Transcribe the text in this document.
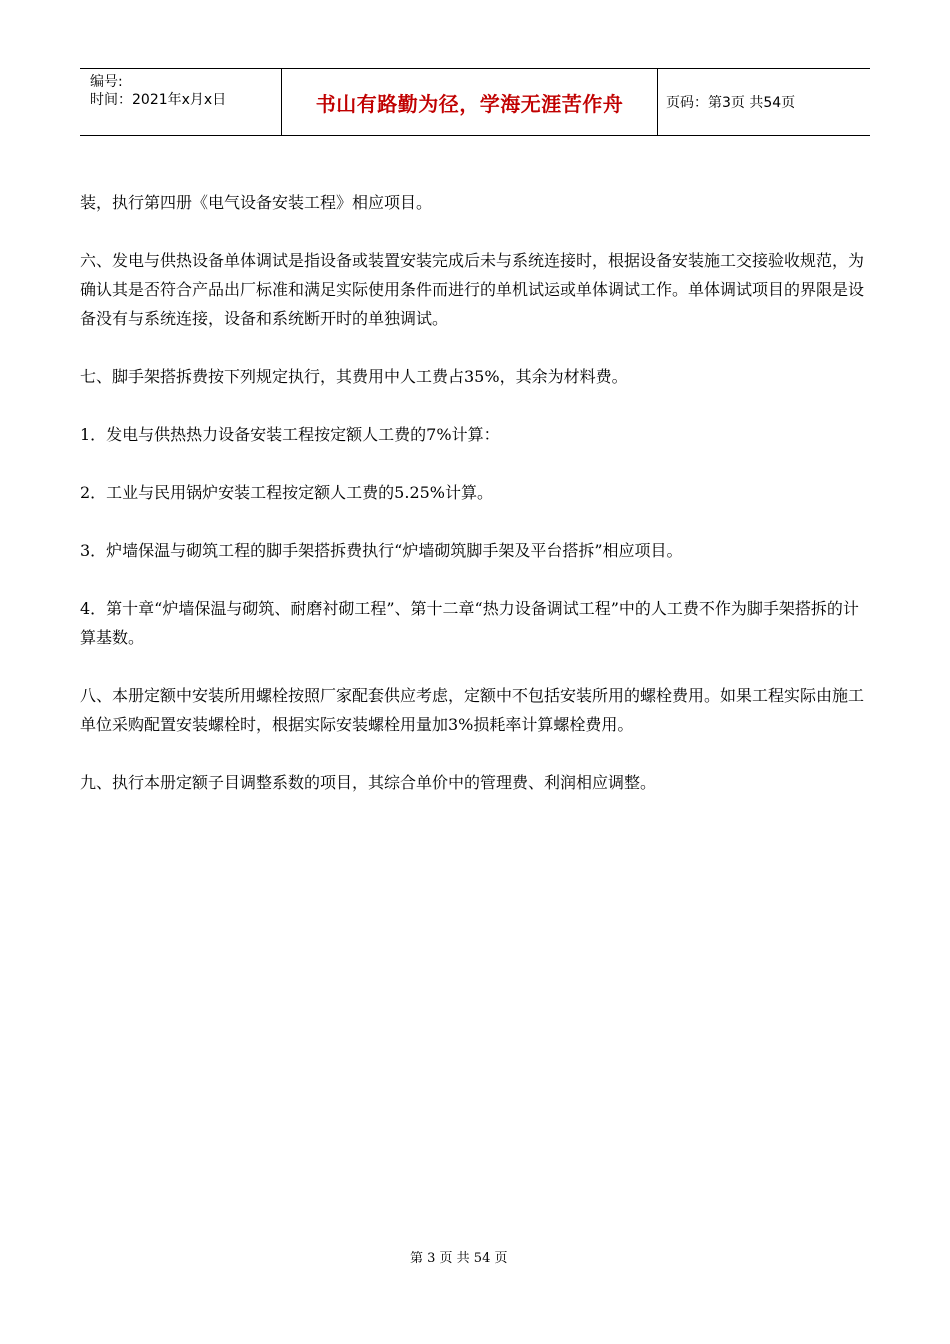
编号:
时间：2021年x月x日	书山有路勤为径，学海无涯苦作舟	页码：第3页 共54页

装，执行第四册《电气设备安装工程》相应项目。

六、发电与供热设备单体调试是指设备或装置安装完成后未与系统连接时，根据设备安装施工交接验收规范，为确认其是否符合产品出厂标准和满足实际使用条件而进行的单机试运或单体调试工作。单体调试项目的界限是设备没有与系统连接，设备和系统断开时的单独调试。

七、脚手架搭拆费按下列规定执行，其费用中人工费占35%，其余为材料费。

1．发电与供热热力设备安装工程按定额人工费的7%计算：

2．工业与民用锅炉安装工程按定额人工费的5.25%计算。

3．炉墙保温与砌筑工程的脚手架搭拆费执行“炉墙砌筑脚手架及平台搭拆”相应项目。

4．第十章“炉墙保温与砌筑、耐磨衬砌工程”、第十二章“热力设备调试工程”中的人工费不作为脚手架搭拆的计算基数。

八、本册定额中安装所用螺栓按照厂家配套供应考虑，定额中不包括安装所用的螺栓费用。如果工程实际由施工单位采购配置安装螺栓时，根据实际安装螺栓用量加3%损耗率计算螺栓费用。

九、执行本册定额子目调整系数的项目，其综合单价中的管理费、利润相应调整。

第 3 页 共 54 页
